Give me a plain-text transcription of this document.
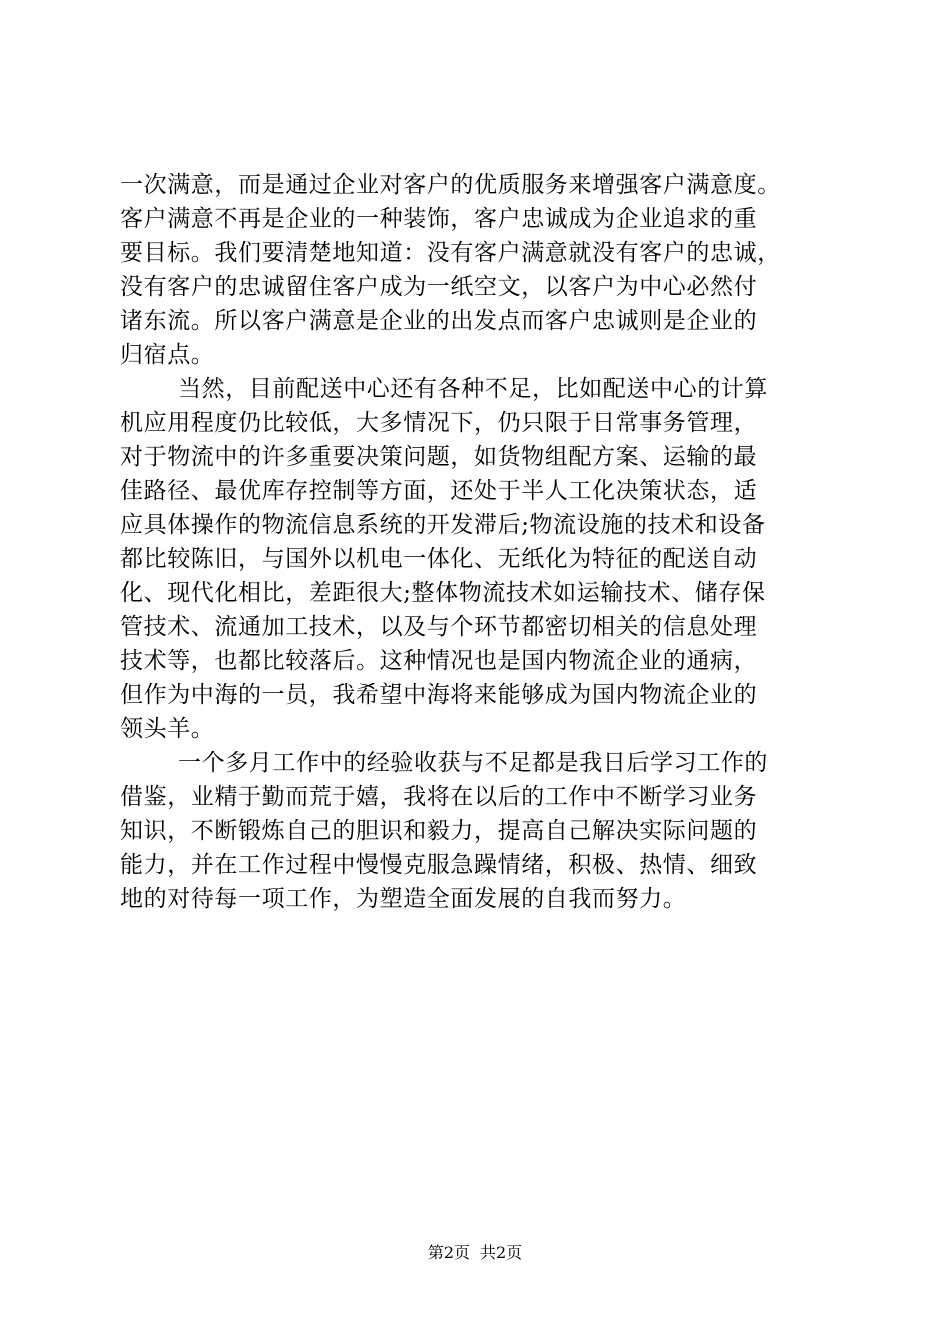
一次满意，而是通过企业对客户的优质服务来增强客户满意度。
客户满意不再是企业的一种装饰，客户忠诚成为企业追求的重
要目标。我们要清楚地知道：没有客户满意就没有客户的忠诚，
没有客户的忠诚留住客户成为一纸空文，以客户为中心必然付
诸东流。所以客户满意是企业的出发点而客户忠诚则是企业的
归宿点。
当然，目前配送中心还有各种不足，比如配送中心的计算
机应用程度仍比较低，大多情况下，仍只限于日常事务管理，
对于物流中的许多重要决策问题，如货物组配方案、运输的最
佳路径、最优库存控制等方面，还处于半人工化决策状态，适
应具体操作的物流信息系统的开发滞后;物流设施的技术和设备
都比较陈旧，与国外以机电一体化、无纸化为特征的配送自动
化、现代化相比，差距很大;整体物流技术如运输技术、储存保
管技术、流通加工技术，以及与个环节都密切相关的信息处理
技术等，也都比较落后。这种情况也是国内物流企业的通病，
但作为中海的一员，我希望中海将来能够成为国内物流企业的
领头羊。
一个多月工作中的经验收获与不足都是我日后学习工作的
借鉴，业精于勤而荒于嬉，我将在以后的工作中不断学习业务
知识，不断锻炼自己的胆识和毅力，提高自己解决实际问题的
能力，并在工作过程中慢慢克服急躁情绪，积极、热情、细致
地的对待每一项工作，为塑造全面发展的自我而努力。
第2页 共2页
